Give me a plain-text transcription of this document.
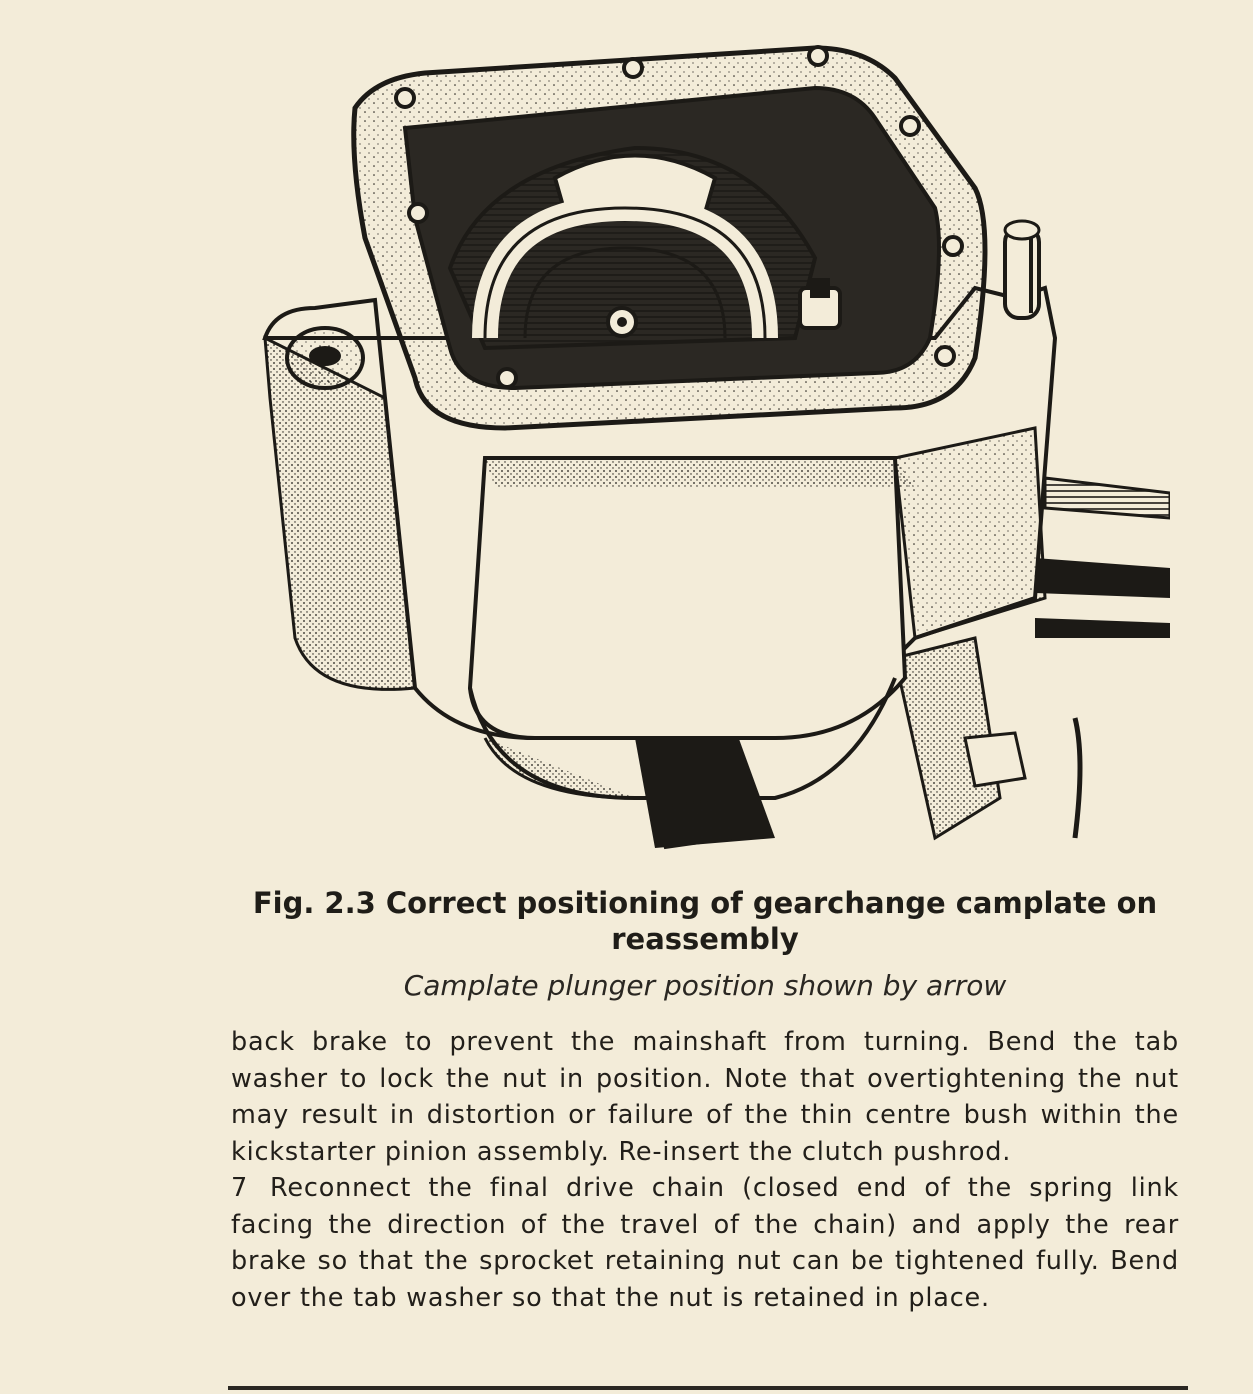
Fig. 2.3 Correct positioning of gearchange camplate on reassembly
Camplate plunger position shown by arrow

back brake to prevent the mainshaft from turning. Bend the tab washer to lock the nut in position. Note that overtightening the nut may result in distortion or failure of the thin centre bush within the kickstarter pinion assembly. Re-insert the clutch pushrod.

7 Reconnect the final drive chain (closed end of the spring link facing the direction of the travel of the chain) and apply the rear brake so that the sprocket retaining nut can be tightened fully. Bend over the tab washer so that the nut is retained in place.
